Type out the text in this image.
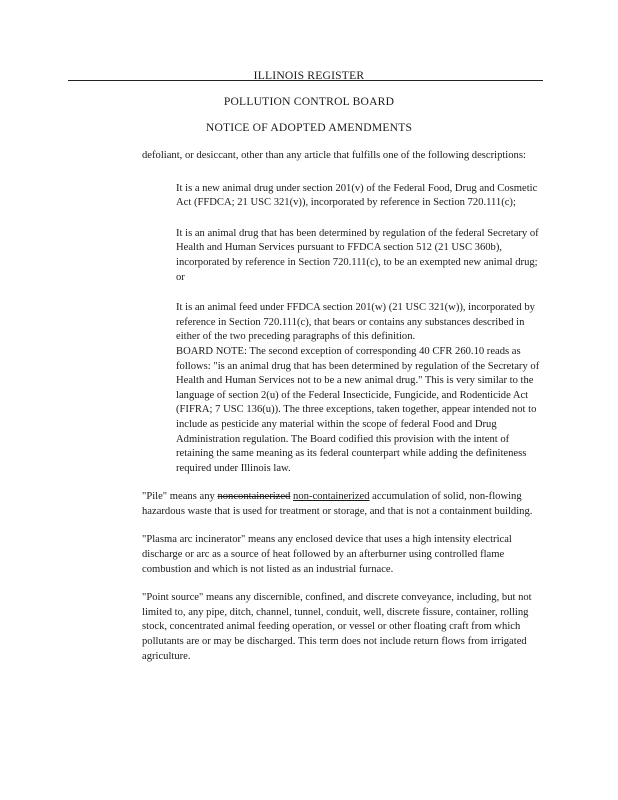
ILLINOIS REGISTER
POLLUTION CONTROL BOARD
NOTICE OF ADOPTED AMENDMENTS

defoliant, or desiccant, other than any article that fulfills one of the following descriptions:

It is a new animal drug under section 201(v) of the Federal Food, Drug and Cosmetic Act (FFDCA; 21 USC 321(v)), incorporated by reference in Section 720.111(c);

It is an animal drug that has been determined by regulation of the federal Secretary of Health and Human Services pursuant to FFDCA section 512 (21 USC 360b), incorporated by reference in Section 720.111(c), to be an exempted new animal drug; or

It is an animal feed under FFDCA section 201(w) (21 USC 321(w)), incorporated by reference in Section 720.111(c), that bears or contains any substances described in either of the two preceding paragraphs of this definition.

BOARD NOTE: The second exception of corresponding 40 CFR 260.10 reads as follows: "is an animal drug that has been determined by regulation of the Secretary of Health and Human Services not to be a new animal drug." This is very similar to the language of section 2(u) of the Federal Insecticide, Fungicide, and Rodenticide Act (FIFRA; 7 USC 136(u)). The three exceptions, taken together, appear intended not to include as pesticide any material within the scope of federal Food and Drug Administration regulation. The Board codified this provision with the intent of retaining the same meaning as its federal counterpart while adding the definiteness required under Illinois law.

"Pile" means any noncontainerized non-containerized accumulation of solid, non-flowing hazardous waste that is used for treatment or storage, and that is not a containment building.

"Plasma arc incinerator" means any enclosed device that uses a high intensity electrical discharge or arc as a source of heat followed by an afterburner using controlled flame combustion and which is not listed as an industrial furnace.

"Point source" means any discernible, confined, and discrete conveyance, including, but not limited to, any pipe, ditch, channel, tunnel, conduit, well, discrete fissure, container, rolling stock, concentrated animal feeding operation, or vessel or other floating craft from which pollutants are or may be discharged. This term does not include return flows from irrigated agriculture.
